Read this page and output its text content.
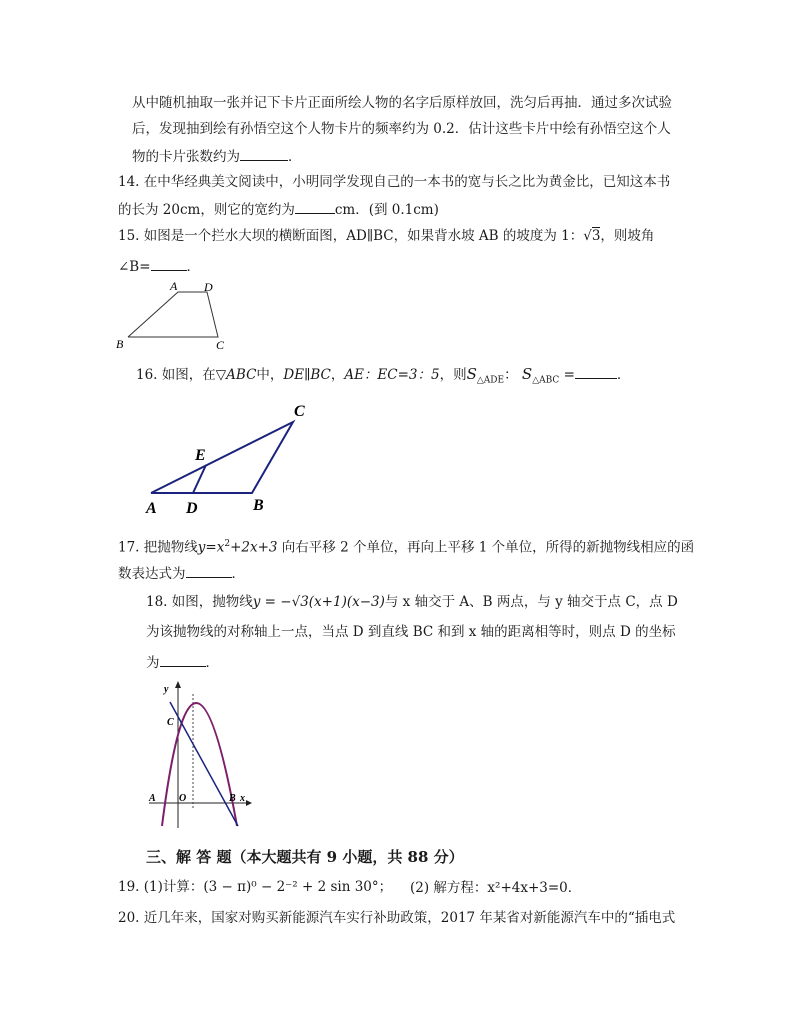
从中随机抽取一张并记下卡片正面所绘人物的名字后原样放回，洗匀后再抽．通过多次试验
后，发现抽到绘有孙悟空这个人物卡片的频率约为 0.2．估计这些卡片中绘有孙悟空这个人
物的卡片张数约为	．
14. 在中华经典美文阅读中，小明同学发现自己的一本书的宽与长之比为黄金比，已知这本书
的长为 20cm，则它的宽约为	cm．(到 0.1cm)
15. 如图是一个拦水大坝的横断面图，AD∥BC，如果背水坡 AB 的坡度为 1：√3，则坡角
∠B=	．
A D
B	C
16. 如图，在▽ABC中，DE∥BC，AE：EC=3：5，则$S_{\triangle ADE}$： $S_{\triangle ABC}$ =	．
C
E
A D	B
17. 把抛物线$y=x^2+2x+3$ 向右平移 2 个单位，再向上平移 1 个单位，所得的新抛物线相应的函
数表达式为	．
18. 如图，抛物线y = −√3(x+1)(x−3)与 x 轴交于 A、B 两点，与 y 轴交于点 C，点 D
为该抛物线的对称轴上一点，当点 D 到直线 BC 和到 x 轴的距离相等时，则点 D 的坐标
为	．
y
x
C
A O	B
三、解 答 题（本大题共有 9 小题，共 88 分）
19. (1)计算：(3 − π)⁰ − 2⁻² + 2 sin 30°； (2) 解方程：x²+4x+3=0．
20. 近几年来，国家对购买新能源汽车实行补助政策，2017 年某省对新能源汽车中的“插电式
